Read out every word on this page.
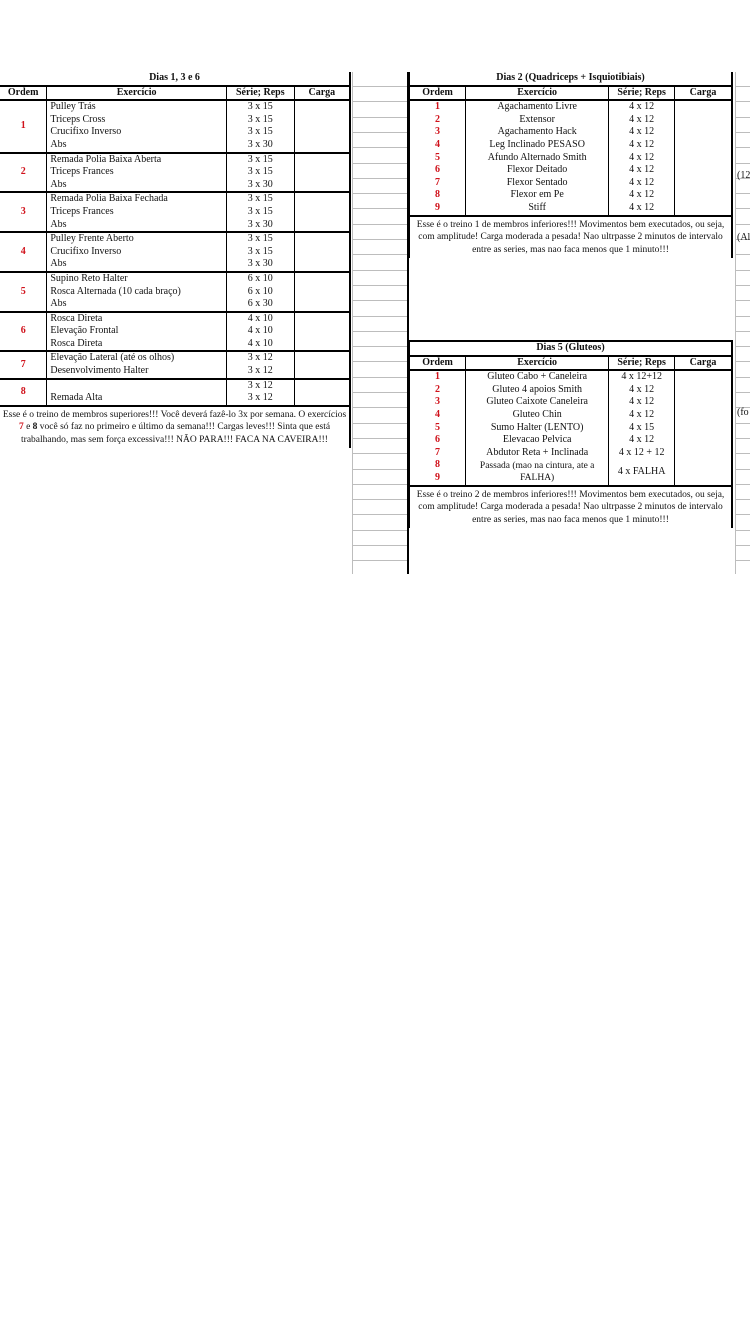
Dias 1, 3 e 6			
Ordem	Exercício	Série; Reps	Carga
1	Pulley Trás	3 x 15	
	Triceps Cross	3 x 15	
	Crucifixo Inverso	3 x 15	
	Abs	3 x 30	
2	Remada Polia Baixa Aberta	3 x 15	
	Triceps Frances	3 x 15	
	Abs	3 x 30	
3	Remada Polia Baixa Fechada	3 x 15	
	Triceps Frances	3 x 15	
	Abs	3 x 30	
4	Pulley Frente Aberto	3 x 15	
	Crucifixo Inverso	3 x 15	
	Abs	3 x 30	
5	Supino Reto Halter	6 x 10	
	Rosca Alternada (10 cada braço)	6 x 10	
	Abs	6 x 30	
6	Rosca Direta	4 x 10	
	Elevação Frontal	4 x 10	
	Rosca Direta	4 x 10	
7	Elevação Lateral (até os olhos)	3 x 12	
	Desenvolvimento Halter	3 x 12	
8		3 x 12	
	Remada Alta	3 x 12	
Esse é o treino de membros superiores!!! Você deverá fazê-lo 3x por semana. O exercícios 7 e 8 você só faz no primeiro e último da semana!!! Cargas leves!!! Sinta que está trabalhando, mas sem força excessiva!!! NÃO PARA!!! FACA NA CAVEIRA!!!			
Dias 2 (Quadriceps + Isquiotibiais)			
Ordem	Exercício	Série; Reps	Carga
1	Agachamento Livre	4 x 12	
2	Extensor	4 x 12	
3	Agachamento Hack	4 x 12	
4	Leg Inclinado PESASO	4 x 12	
5	Afundo Alternado Smith	4 x 12	
6	Flexor Deitado	4 x 12	
7	Flexor Sentado	4 x 12	
8	Flexor em Pe	4 x 12	
9	Stiff	4 x 12	
Esse é o treino 1 de membros inferiores!!! Movimentos bem executados, ou seja, com amplitude! Carga moderada a pesada! Nao ultrpasse 2 minutos de intervalo entre as series, mas nao faca menos que 1 minuto!!!			
Dias 5 (Gluteos)			
Ordem	Exercício	Série; Reps	Carga
1	Gluteo Cabo + Caneleira	4 x 12+12	
2	Gluteo 4 apoios Smith	4 x 12	
3	Gluteo Caixote Caneleira	4 x 12	
4	Gluteo Chin	4 x 12	
5	Sumo Halter (LENTO)	4 x 15	
6	Elevacao Pelvica	4 x 12	
7	Abdutor Reta + Inclinada	4 x 12 + 12	
8	Passada (mao na cintura, ate a FALHA)	4 x FALHA	
9			
Esse é o treino 2 de membros inferiores!!! Movimentos bem executados, ou seja, com amplitude! Carga moderada a pesada! Nao ultrpasse 2 minutos de intervalo entre as series, mas nao faca menos que 1 minuto!!!			
(12
(Al
(fo
